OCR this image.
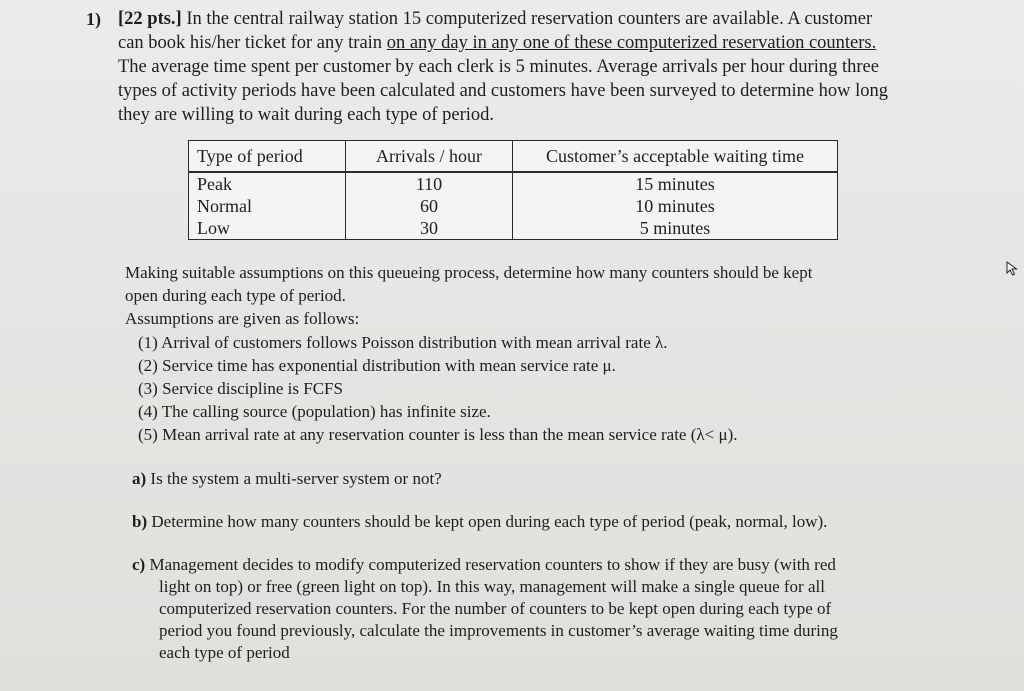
1) [22 pts.] In the central railway station 15 computerized reservation counters are available. A customer
can book his/her ticket for any train on any day in any one of these computerized reservation counters.
The average time spent per customer by each clerk is 5 minutes. Average arrivals per hour during three
types of activity periods have been calculated and customers have been surveyed to determine how long
they are willing to wait during each type of period.
Type of period	Arrivals / hour	Customer’s acceptable waiting time
Peak	110	15 minutes
Normal	60	10 minutes
Low	30	5 minutes
Making suitable assumptions on this queueing process, determine how many counters should be kept
open during each type of period.
Assumptions are given as follows:
(1) Arrival of customers follows Poisson distribution with mean arrival rate λ.
(2) Service time has exponential distribution with mean service rate μ.
(3) Service discipline is FCFS
(4) The calling source (population) has infinite size.
(5) Mean arrival rate at any reservation counter is less than the mean service rate (λ< μ).
a) Is the system a multi-server system or not?
b) Determine how many counters should be kept open during each type of period (peak, normal, low).
c) Management decides to modify computerized reservation counters to show if they are busy (with red
light on top) or free (green light on top). In this way, management will make a single queue for all
computerized reservation counters. For the number of counters to be kept open during each type of
period you found previously, calculate the improvements in customer’s average waiting time during
each type of period
